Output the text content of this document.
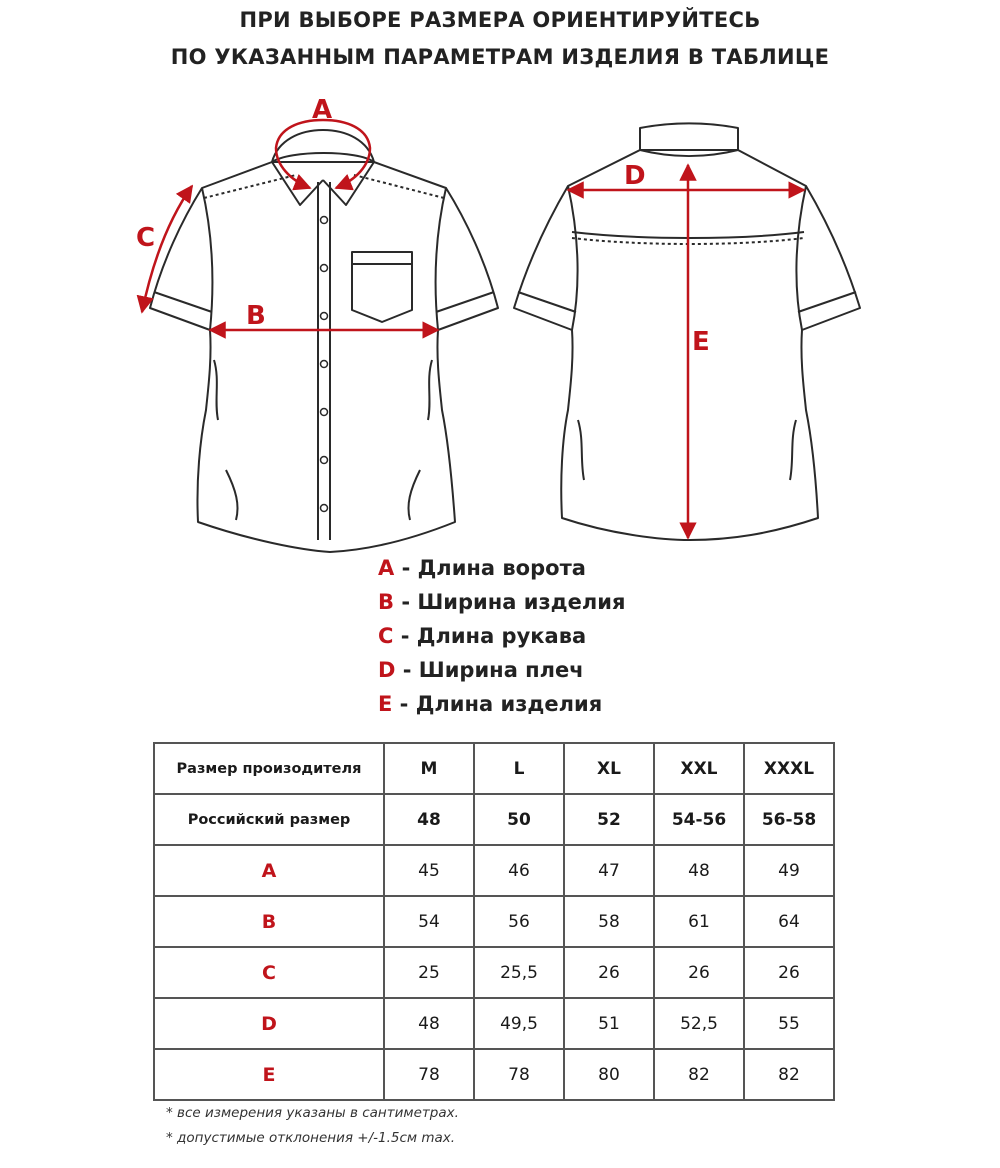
ПРИ ВЫБОРЕ РАЗМЕРА ОРИЕНТИРУЙТЕСЬ
ПО УКАЗАННЫМ ПАРАМЕТРАМ ИЗДЕЛИЯ В ТАБЛИЦЕ
A
B
C
D
E
A - Длина ворота
B - Ширина изделия
C - Длина рукава
D - Ширина плеч
E - Длина изделия
Размер произодителя	M	L	XL	XXL	XXXL
Российский размер	48	50	52	54-56	56-58
A	45	46	47	48	49
B	54	56	58	61	64
C	25	25,5	26	26	26
D	48	49,5	51	52,5	55
E	78	78	80	82	82
* все измерения указаны в сантиметрах.
* допустимые отклонения +/-1.5см max.
